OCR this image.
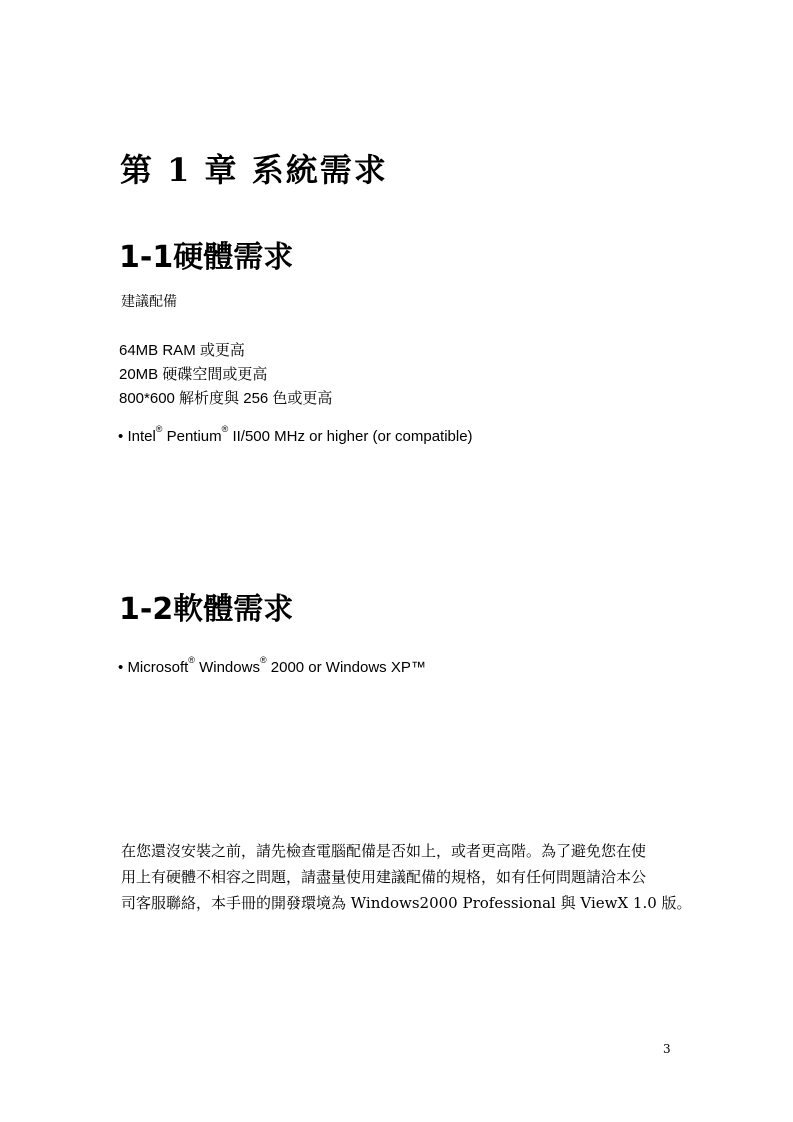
第 1 章 系統需求
1-1硬體需求
建議配備
64MB RAM 或更高
20MB 硬碟空間或更高
800*600 解析度與 256 色或更高
• Intel® Pentium® II/500 MHz or higher (or compatible)
1-2軟體需求
• Microsoft® Windows® 2000 or Windows XP™
在您還沒安裝之前，請先檢查電腦配備是否如上，或者更高階。為了避免您在使
用上有硬體不相容之問題，請盡量使用建議配備的規格，如有任何問題請洽本公
司客服聯絡，本手冊的開發環境為 Windows2000 Professional 與 ViewX 1.0 版。
3
